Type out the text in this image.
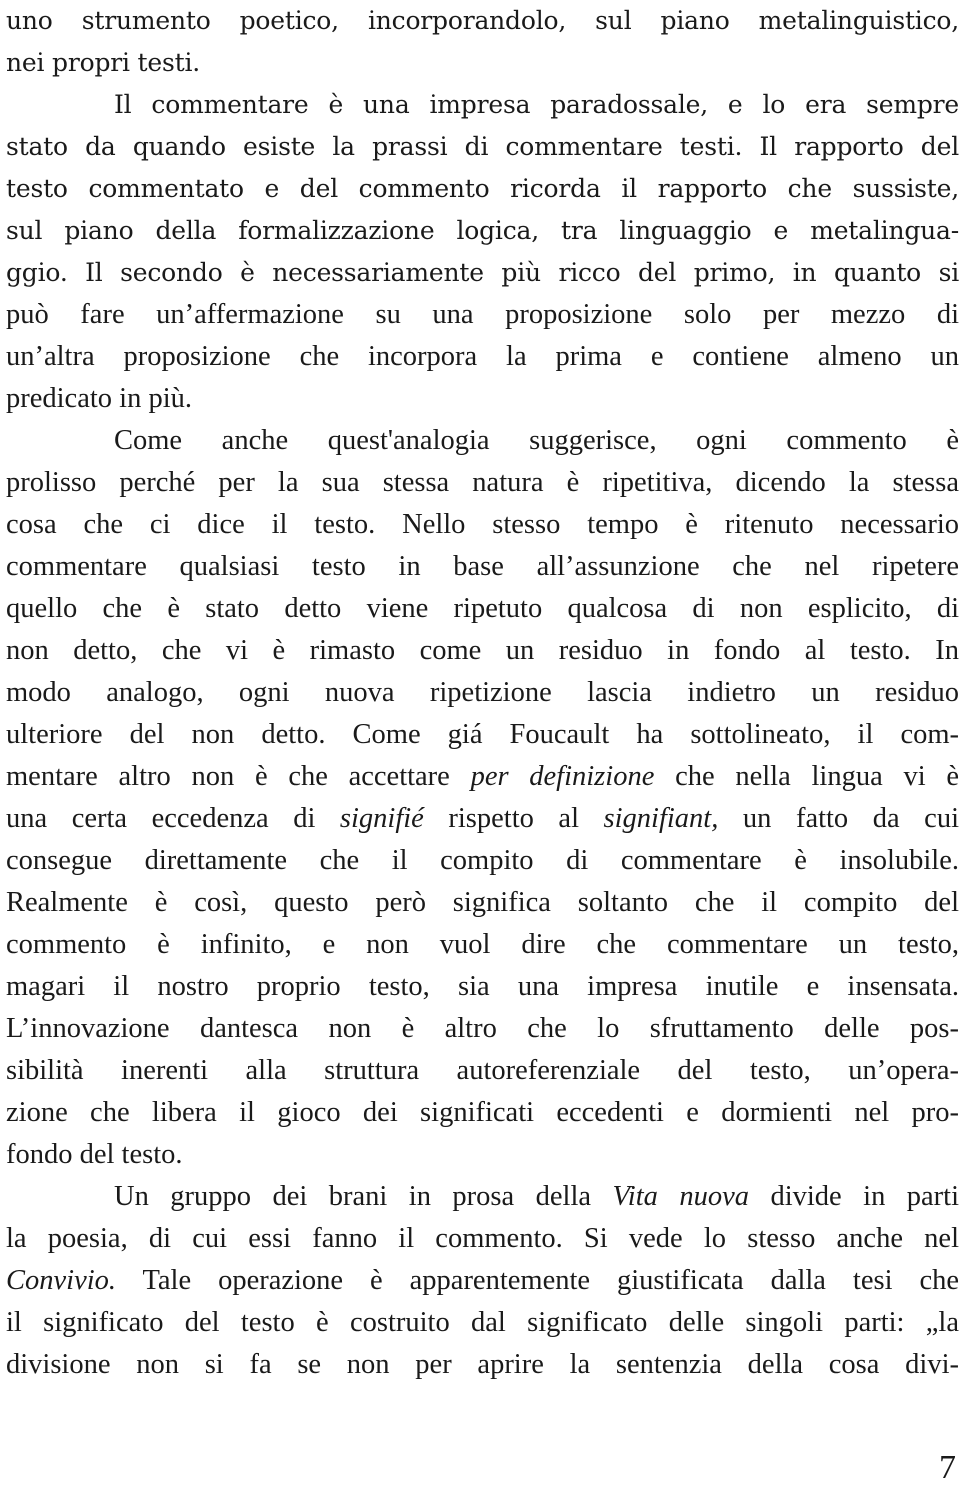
uno strumento poetico, incorporandolo, sul piano metalinguistico,
nei propri testi.
Il commentare è una impresa paradossale, e lo era sempre
stato da quando esiste la prassi di commentare testi. Il rapporto del
testo commentato e del commento ricorda il rapporto che sussiste,
sul piano della formalizzazione logica, tra linguaggio e metalingua-
ggio. Il secondo è necessariamente più ricco del primo, in quanto si
può fare un’affermazione su una proposizione solo per mezzo di
un’altra proposizione che incorpora la prima e contiene almeno un
predicato in più.
Come anche quest'analogia suggerisce, ogni commento è
prolisso perché per la sua stessa natura è ripetitiva, dicendo la stessa
cosa che ci dice il testo. Nello stesso tempo è ritenuto necessario
commentare qualsiasi testo in base all’assunzione che nel ripetere
quello che è stato detto viene ripetuto qualcosa di non esplicito, di
non detto, che vi è rimasto come un residuo in fondo al testo. In
modo analogo, ogni nuova ripetizione lascia indietro un residuo
ulteriore del non detto. Come giá Foucault ha sottolineato, il com-
mentare altro non è che accettare per definizione che nella lingua vi è
una certa eccedenza di signifié rispetto al signifiant, un fatto da cui
consegue direttamente che il compito di commentare è insolubile.
Realmente è così, questo però significa soltanto che il compito del
commento è infinito, e non vuol dire che commentare un testo,
magari il nostro proprio testo, sia una impresa inutile e insensata.
L’innovazione dantesca non è altro che lo sfruttamento delle pos-
sibilità inerenti alla struttura autoreferenziale del testo, un’opera-
zione che libera il gioco dei significati eccedenti e dormienti nel pro-
fondo del testo.
Un gruppo dei brani in prosa della Vita nuova divide in parti
la poesia, di cui essi fanno il commento. Si vede lo stesso anche nel
Convivio. Tale operazione è apparentemente giustificata dalla tesi che
il significato del testo è costruito dal significato delle singoli parti: „la
divisione non si fa se non per aprire la sentenzia della cosa divi-
7
